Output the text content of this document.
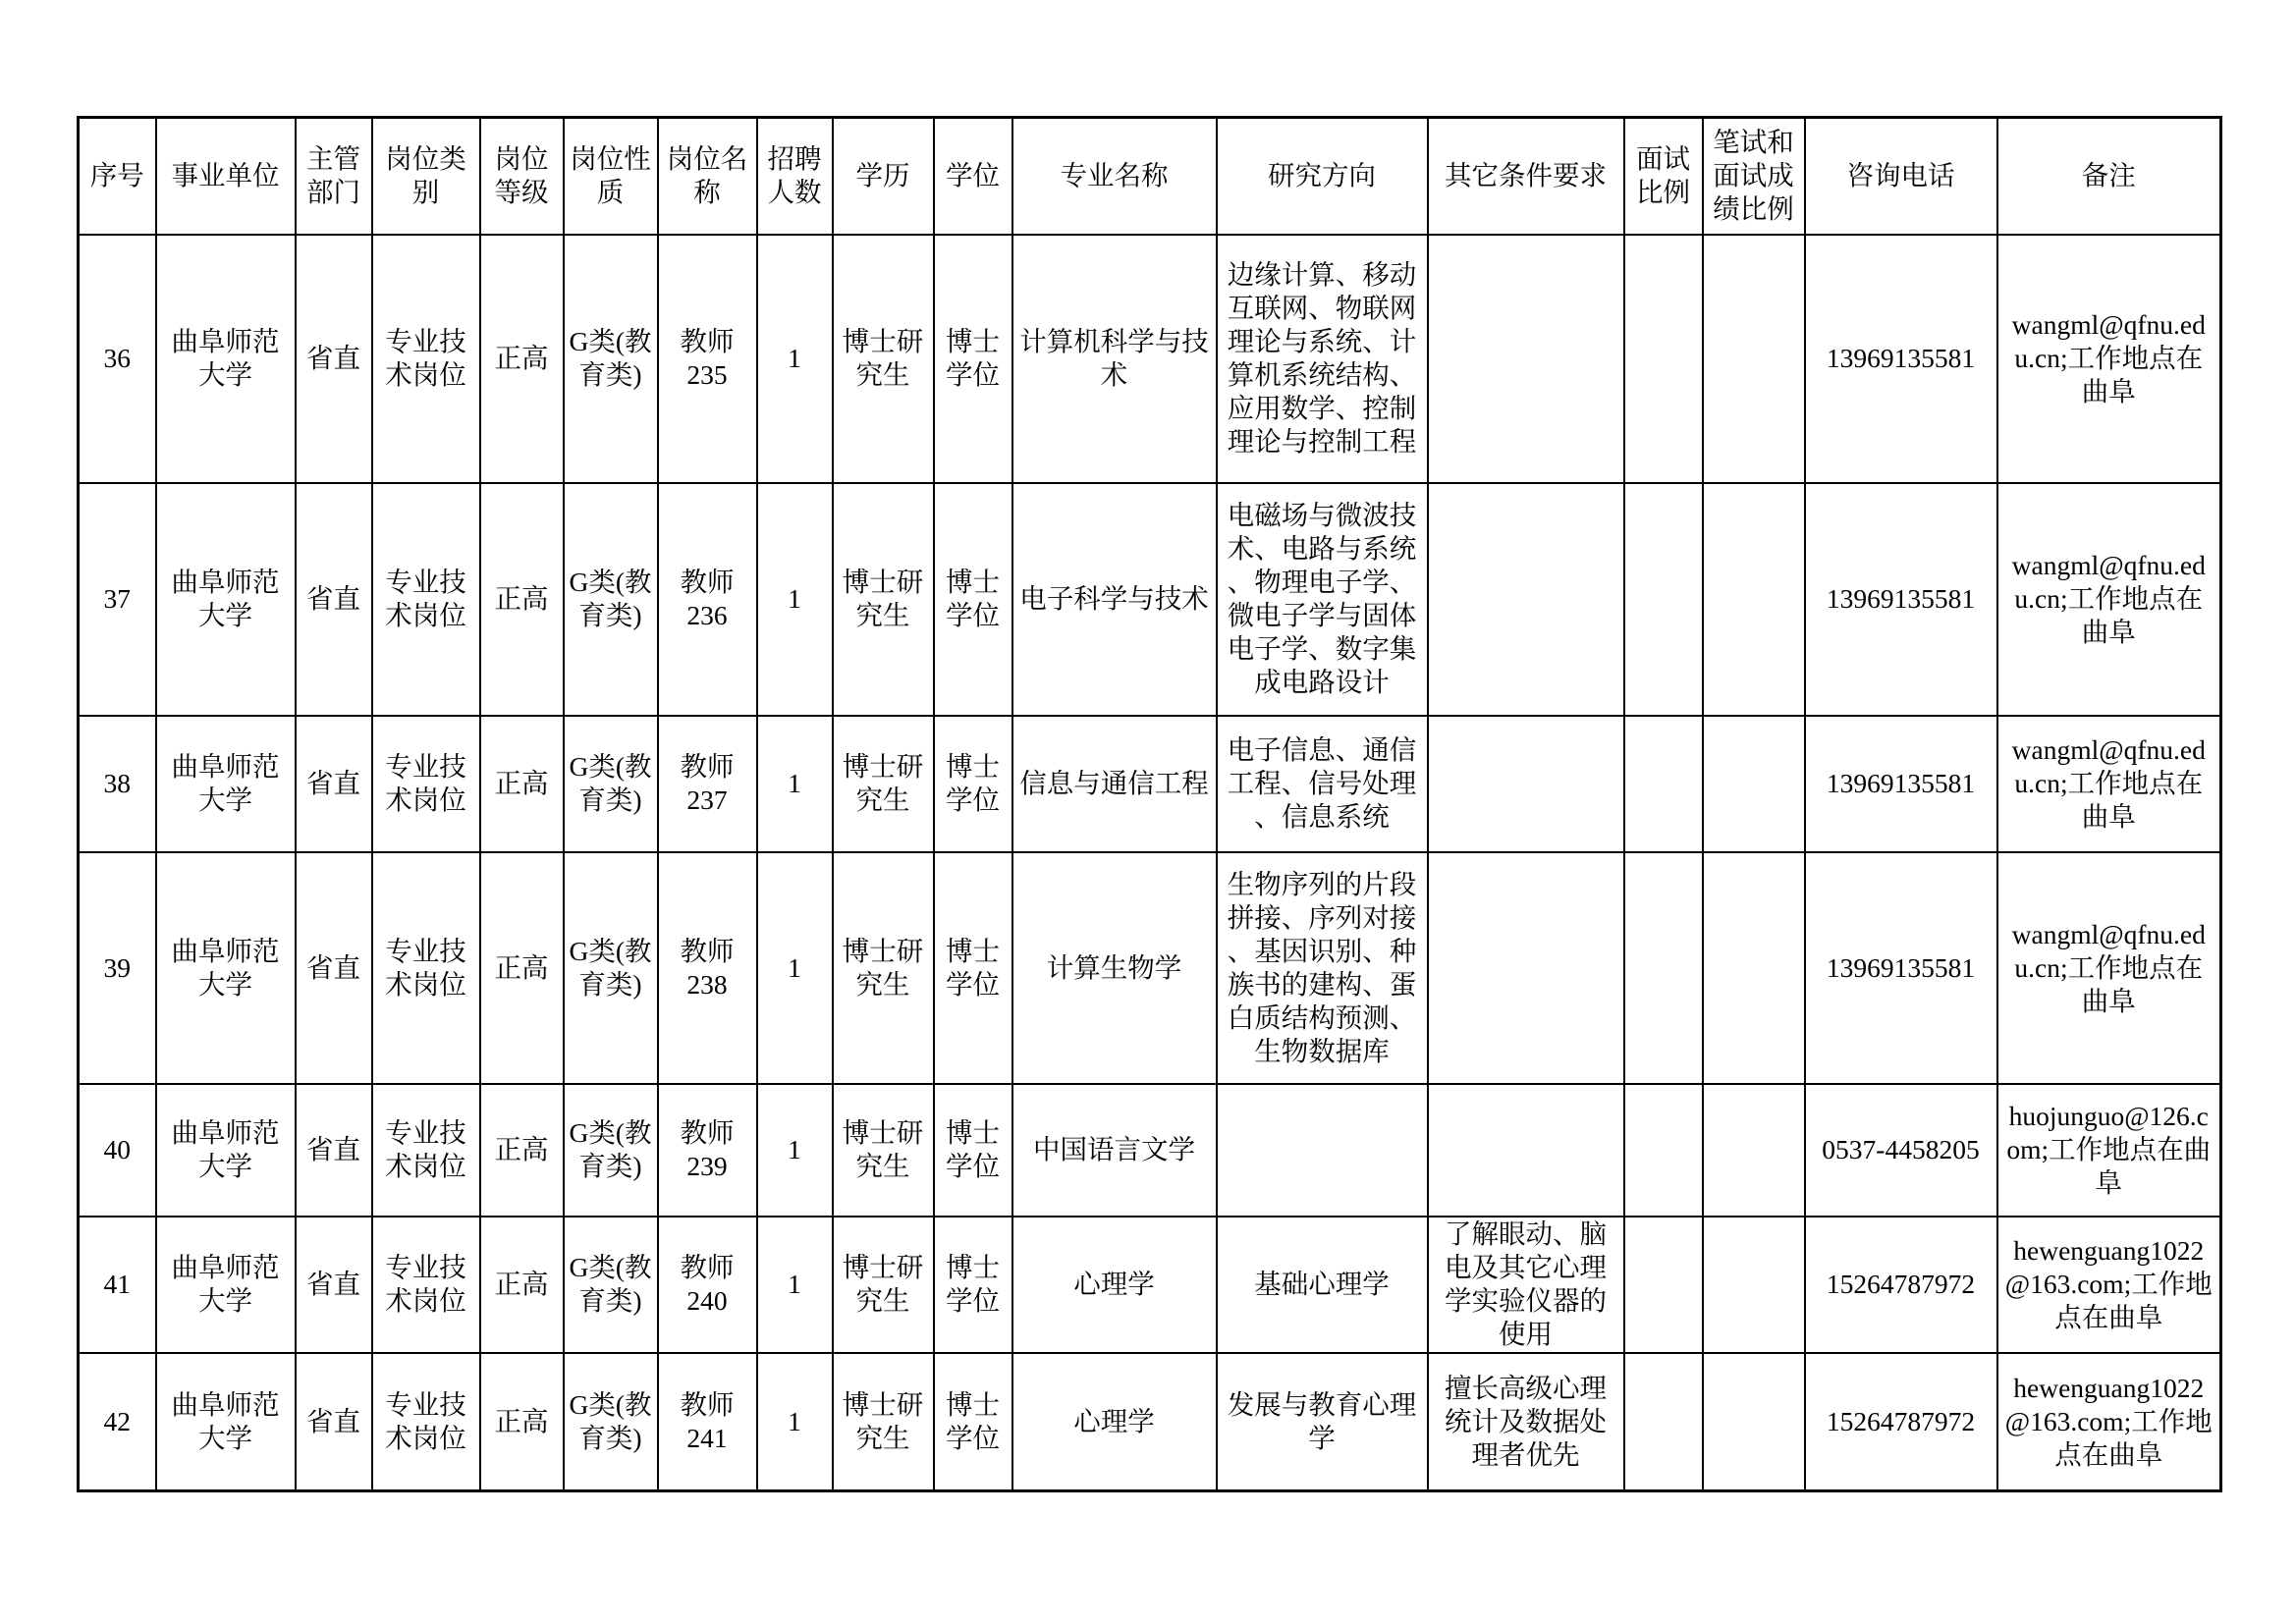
序号	事业单位	主管部门	岗位类别	岗位等级	岗位性质	岗位名称	招聘人数	学历	学位	专业名称	研究方向	其它条件要求	面试比例	笔试和面试成绩比例	咨询电话	备注
36	曲阜师范大学	省直	专业技术岗位	正高	G类(教育类)	教师235	1	博士研究生	博士学位	计算机科学与技术	边缘计算、移动互联网、物联网理论与系统、计算机系统结构、应用数学、控制理论与控制工程				13969135581	wangml@qfnu.edu.cn;工作地点在曲阜
37	曲阜师范大学	省直	专业技术岗位	正高	G类(教育类)	教师236	1	博士研究生	博士学位	电子科学与技术	电磁场与微波技术、电路与系统、物理电子学、微电子学与固体电子学、数字集成电路设计				13969135581	wangml@qfnu.edu.cn;工作地点在曲阜
38	曲阜师范大学	省直	专业技术岗位	正高	G类(教育类)	教师237	1	博士研究生	博士学位	信息与通信工程	电子信息、通信工程、信号处理、信息系统				13969135581	wangml@qfnu.edu.cn;工作地点在曲阜
39	曲阜师范大学	省直	专业技术岗位	正高	G类(教育类)	教师238	1	博士研究生	博士学位	计算生物学	生物序列的片段拼接、序列对接、基因识别、种族书的建构、蛋白质结构预测、生物数据库				13969135581	wangml@qfnu.edu.cn;工作地点在曲阜
40	曲阜师范大学	省直	专业技术岗位	正高	G类(教育类)	教师239	1	博士研究生	博士学位	中国语言文学					0537-4458205	huojunguo@126.com;工作地点在曲阜
41	曲阜师范大学	省直	专业技术岗位	正高	G类(教育类)	教师240	1	博士研究生	博士学位	心理学	基础心理学	了解眼动、脑电及其它心理学实验仪器的使用			15264787972	hewenguang1022@163.com;工作地点在曲阜
42	曲阜师范大学	省直	专业技术岗位	正高	G类(教育类)	教师241	1	博士研究生	博士学位	心理学	发展与教育心理学	擅长高级心理统计及数据处理者优先			15264787972	hewenguang1022@163.com;工作地点在曲阜
